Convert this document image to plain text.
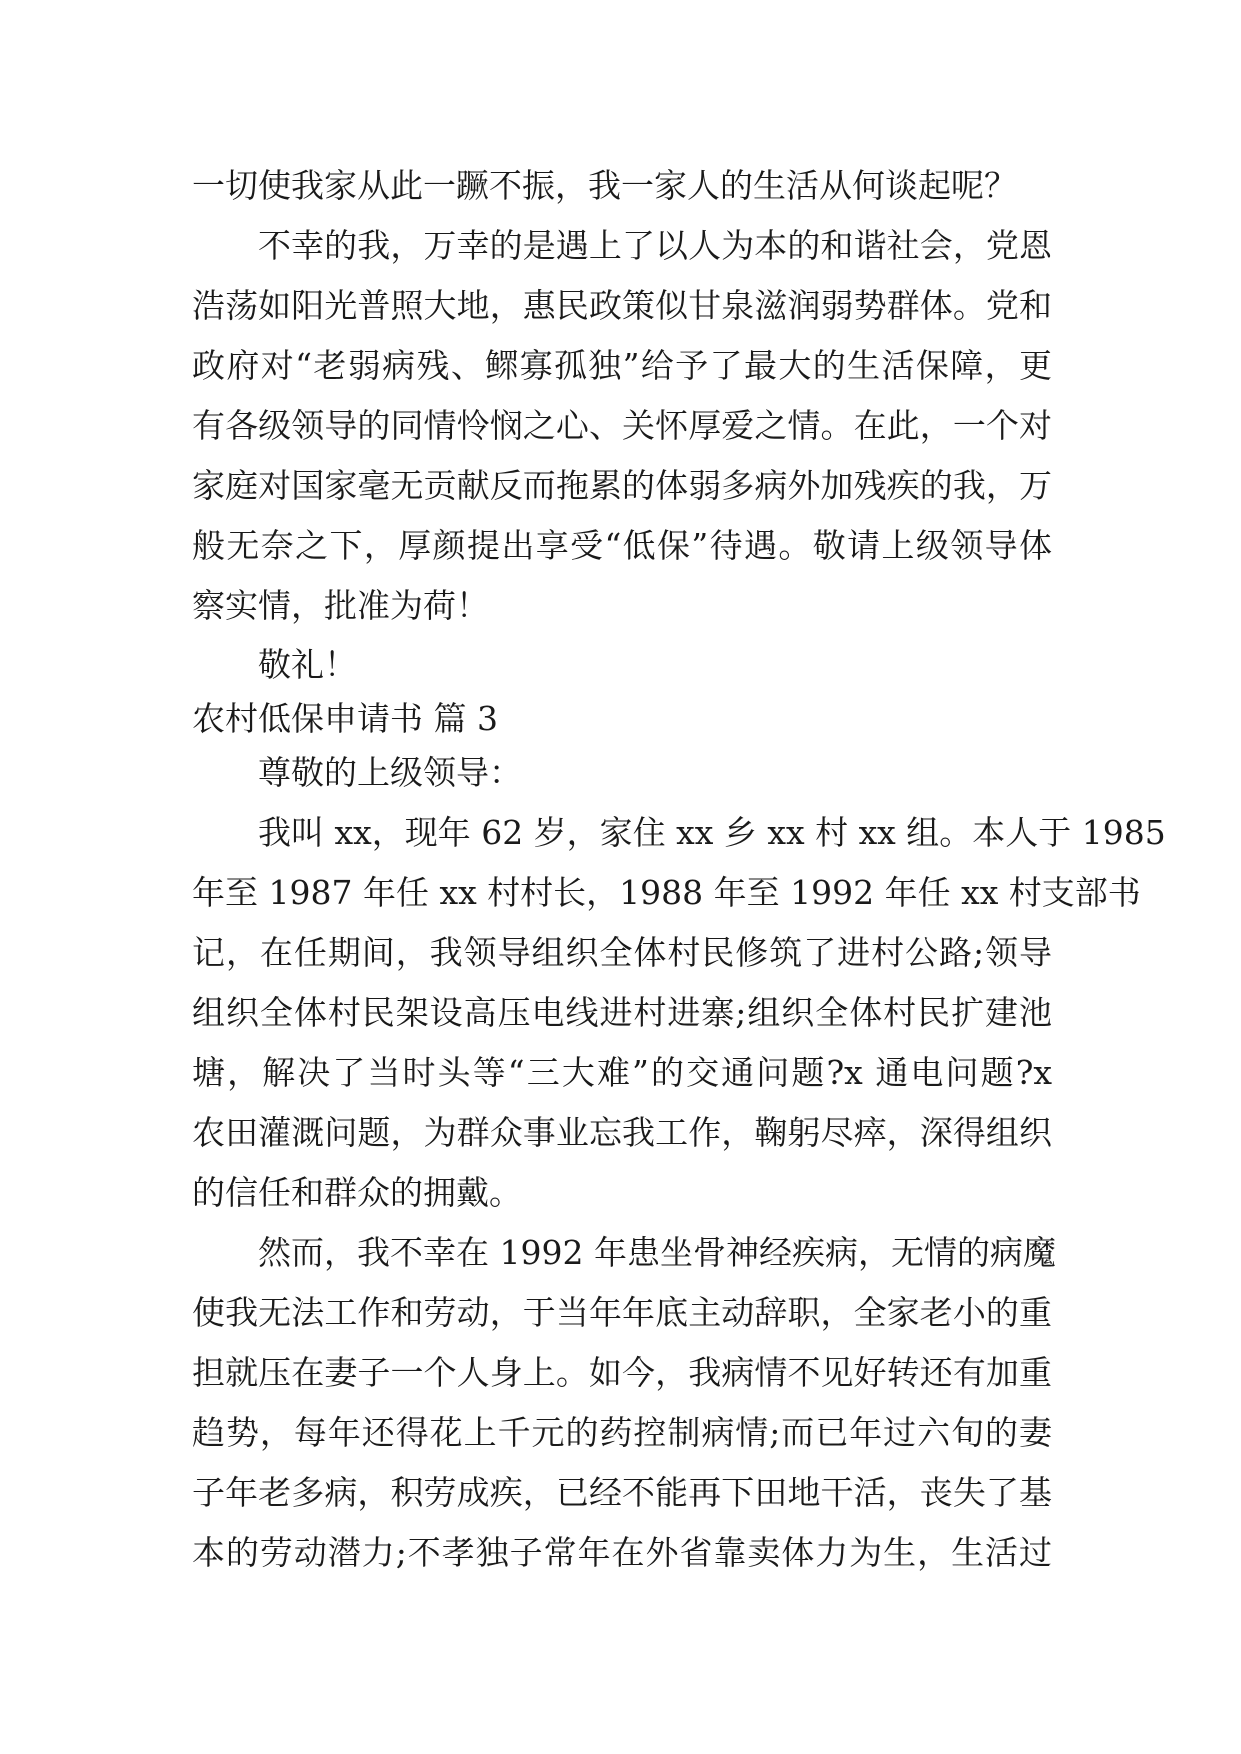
一切使我家从此一蹶不振，我一家人的生活从何谈起呢？

不幸的我，万幸的是遇上了以人为本的和谐社会，党恩

浩荡如阳光普照大地，惠民政策似甘泉滋润弱势群体。党和

政府对“老弱病残、鳏寡孤独”给予了最大的生活保障，更

有各级领导的同情怜悯之心、关怀厚爱之情。在此，一个对

家庭对国家毫无贡献反而拖累的体弱多病外加残疾的我，万

般无奈之下，厚颜提出享受“低保”待遇。敬请上级领导体

察实情，批准为荷！

敬礼！

农村低保申请书 篇 3

尊敬的上级领导：

我叫 xx，现年 62 岁，家住 xx 乡 xx 村 xx 组。本人于 1985

年至 1987 年任 xx 村村长，1988 年至 1992 年任 xx 村支部书

记，在任期间，我领导组织全体村民修筑了进村公路;领导

组织全体村民架设高压电线进村进寨;组织全体村民扩建池

塘，解决了当时头等“三大难”的交通问题?x 通电问题?x

农田灌溉问题，为群众事业忘我工作，鞠躬尽瘁，深得组织

的信任和群众的拥戴。

然而，我不幸在 1992 年患坐骨神经疾病，无情的病魔

使我无法工作和劳动，于当年年底主动辞职，全家老小的重

担就压在妻子一个人身上。如今，我病情不见好转还有加重

趋势，每年还得花上千元的药控制病情;而已年过六旬的妻

子年老多病，积劳成疾，已经不能再下田地干活，丧失了基

本的劳动潜力;不孝独子常年在外省靠卖体力为生，生活过
